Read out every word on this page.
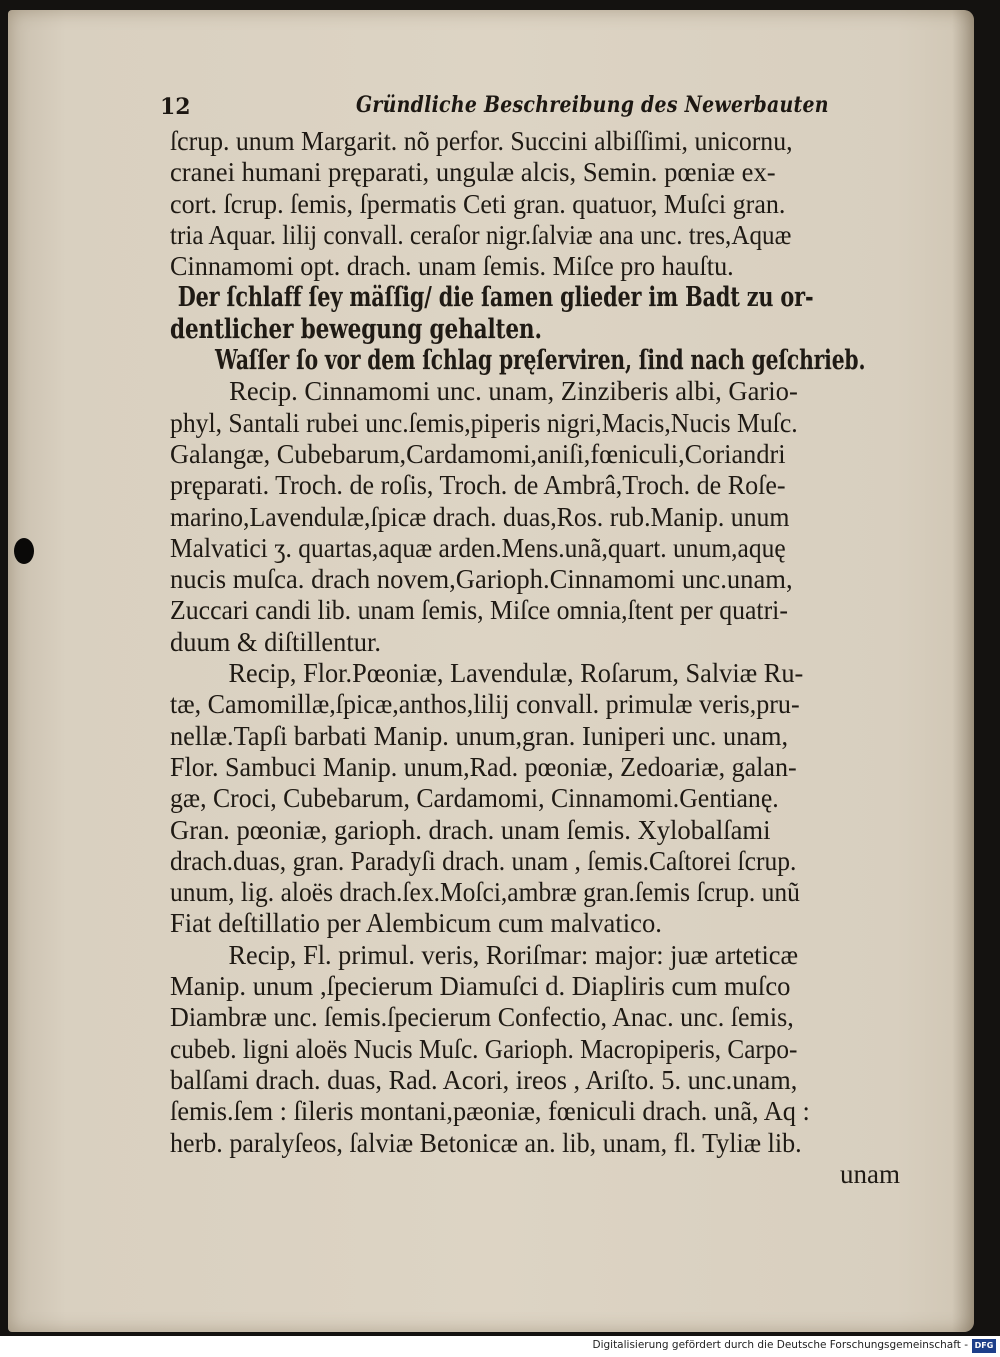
12	Gründliche Beschreibung des Newerbauten
ſcrup. unum Margarit. nõ perfor. Succini albiſſimi, unicornu,
cranei humani pręparati, ungulæ alcis, Semin. pœniæ ex-
cort. ſcrup. ſemis, ſpermatis Ceti gran. quatuor, Muſci gran.
tria Aquar. lilij convall. ceraſor nigr.ſalviæ ana unc. tres,Aquæ
Cinnamomi opt. drach. unam ſemis. Miſce pro hauſtu.
Der ſchlaff ſey mäſſig/ die ſamen glieder im Badt zu or-
dentlicher bewegung gehalten.
Waſſer ſo vor dem ſchlag pręſerviren, ſind nach geſchrieb.
Recip. Cinnamomi unc. unam, Zinziberis albi, Gario-
phyl, Santali rubei unc.ſemis,piperis nigri,Macis,Nucis Muſc.
Galangæ, Cubebarum,Cardamomi,aniſi,fœniculi,Coriandri
pręparati. Troch. de roſis, Troch. de Ambrâ,Troch. de Roſe-
marino,Lavendulæ,ſpicæ drach. duas,Ros. rub.Manip. unum
Malvatici ʒ. quartas,aquæ arden.Mens.unã,quart. unum,aquę
nucis muſca. drach novem,Garioph.Cinnamomi unc.unam,
Zuccari candi lib. unam ſemis, Miſce omnia,ſtent per quatri-
duum & diſtillentur.
Recip, Flor.Pœoniæ, Lavendulæ, Roſarum, Salviæ Ru-
tæ, Camomillæ,ſpicæ,anthos,lilij convall. primulæ veris,pru-
nellæ.Tapſi barbati Manip. unum,gran. Iuniperi unc. unam,
Flor. Sambuci Manip. unum,Rad. pœoniæ, Zedoariæ, galan-
gæ, Croci, Cubebarum, Cardamomi, Cinnamomi.Gentianę.
Gran. pœoniæ, garioph. drach. unam ſemis. Xylobalſami
drach.duas, gran. Paradyſi drach. unam , ſemis.Caſtorei ſcrup.
unum, lig. aloës drach.ſex.Moſci,ambræ gran.ſemis ſcrup. unũ
Fiat deſtillatio per Alembicum cum malvatico.
Recip, Fl. primul. veris, Roriſmar: major: juæ arteticæ
Manip. unum ,ſpecierum Diamuſci d. Diapliris cum muſco
Diambræ unc. ſemis.ſpecierum Confectio, Anac. unc. ſemis,
cubeb. ligni aloës Nucis Muſc. Garioph. Macropiperis, Carpo-
balſami drach. duas, Rad. Acori, ireos , Ariſto. 5. unc.unam,
ſemis.ſem : ſileris montani,pæoniæ, fœniculi drach. unã, Aq :
herb. paralyſeos, ſalviæ Betonicæ an. lib, unam, fl. Tyliæ lib.
unam
Digitalisierung gefördert durch die Deutsche Forschungsgemeinschaft - DFG
